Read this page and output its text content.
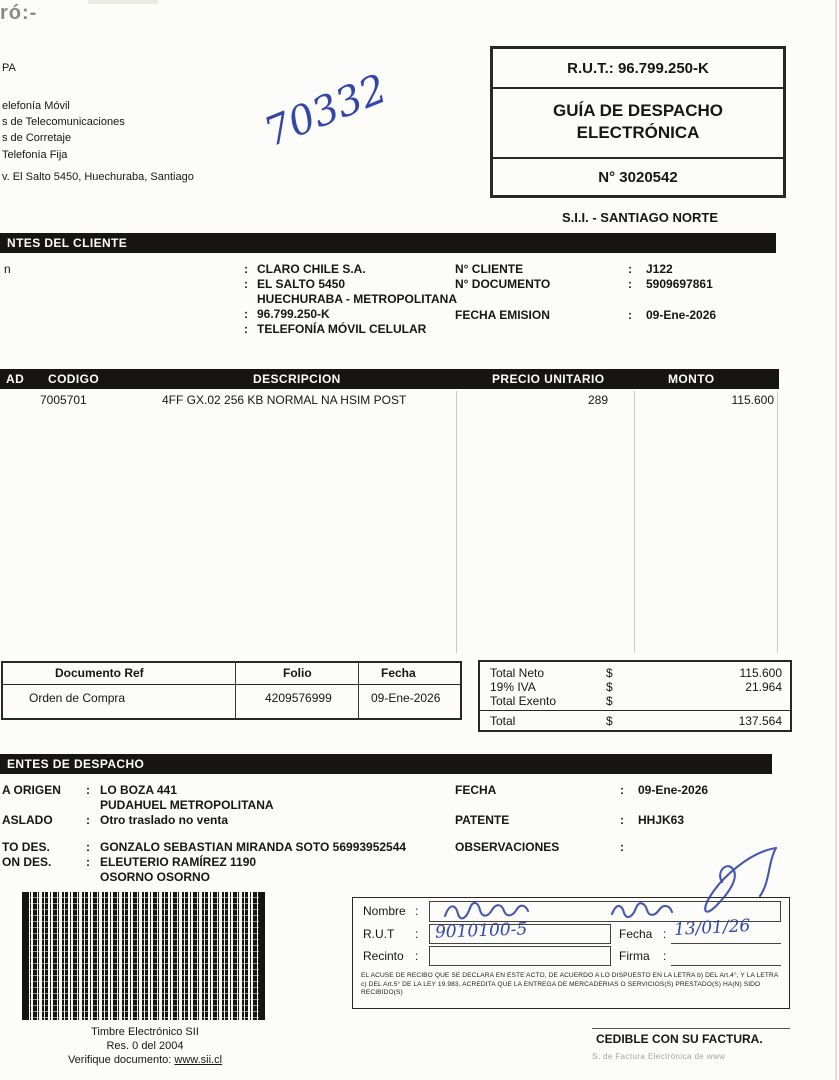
ró:-
PA
elefonía Móvil
s de Telecomunicaciones
s de Corretaje
Telefonía Fija
v. El Salto 5450, Huechuraba, Santiago
70332	R.U.T.: 96.799.250-K
GUÍA DE DESPACHO
ELECTRÓNICA
N° 3020542
S.I.I. - SANTIAGO NORTE
NTES DEL CLIENTE
n	: CLARO CHILE S.A.
: EL SALTO 5450
HUECHURABA - METROPOLITANA
: 96.799.250-K
: TELEFONÍA MÓVIL CELULAR
N° CLIENTE	: J122
N° DOCUMENTO	: 5909697861
FECHA EMISION	: 09-Ene-2026
AD CODIGO	DESCRIPCION	PRECIO UNITARIO	MONTO
7005701	4FF GX.02 256 KB NORMAL NA HSIM POST	289	115.600
Documento Ref	Folio	Fecha
Orden de Compra	4209576999	09-Ene-2026
Total Neto	$	115.600
19% IVA	$	21.964
Total Exento	$
Total	$	137.564
ENTES DE DESPACHO
A ORIGEN : LO BOZA 441	FECHA	: 09-Ene-2026
PUDAHUEL METROPOLITANA
ASLADO	: Otro traslado no venta	PATENTE	: HHJK63
TO DES.	: GONZALO SEBASTIAN MIRANDA SOTO 56993952544	OBSERVACIONES	:
ON DES.	: ELEUTERIO RAMÍREZ 1190
OSORNO OSORNO
Timbre Electrónico SII
Res. 0 del 2004
Verifique documento: www.sii.cl
Nombre :
R.U.T :	Fecha :
Recinto :	Firma :
EL ACUSE DE RECIBO QUE SE DECLARA EN ESTE ACTO, DE ACUERDO A LO DISPUESTO EN LA LETRA b) DEL Art.4°, Y LA LETRA c) DEL Art.5° DE LA LEY 19.983, ACREDITA QUE LA ENTREGA DE MERCADERIAS O SERVICIOS(S) PRESTADO(S) HA(N) SIDO RECIBIDO(S)
9010100-5	13/01/26
CEDIBLE CON SU FACTURA.
S. de Factura Electrónica de www
